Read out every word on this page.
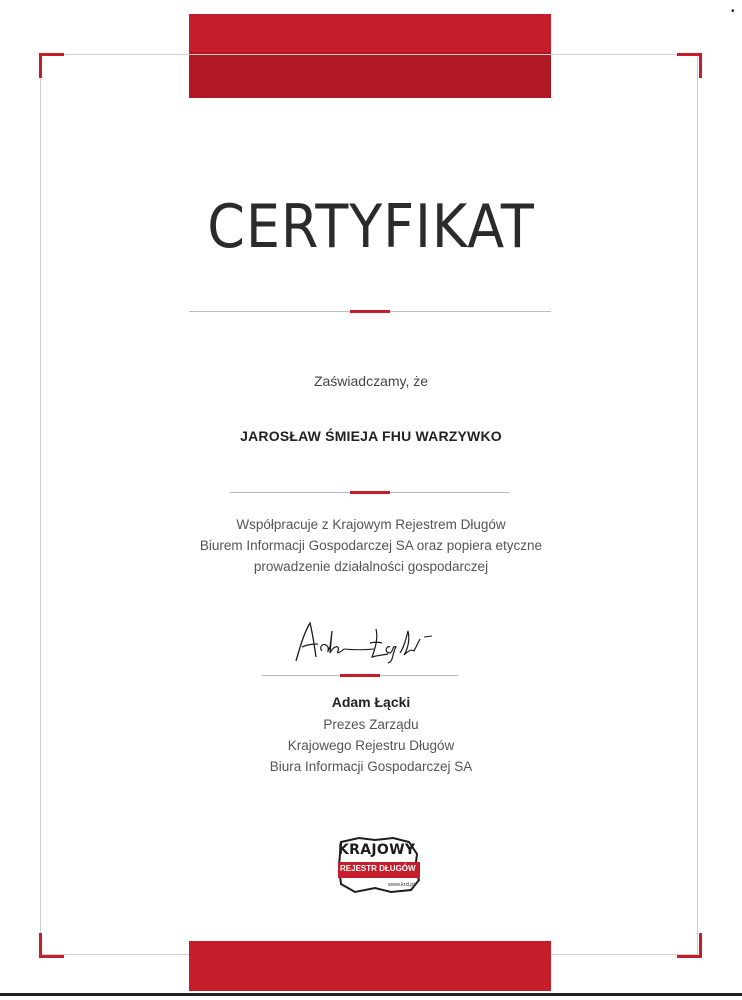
CERTYFIKAT
Zaświadczamy, że
JAROSŁAW ŚMIEJA FHU WARZYWKO
Współpracuje z Krajowym Rejestrem Długów
Biurem Informacji Gospodarczej SA oraz popiera etyczne
prowadzenie działalności gospodarczej
Adam Łącki
Prezes Zarządu
Krajowego Rejestru Długów
Biura Informacji Gospodarczej SA
KRAJOWY
REJESTR DŁUGÓW
www.krd.pl
•
